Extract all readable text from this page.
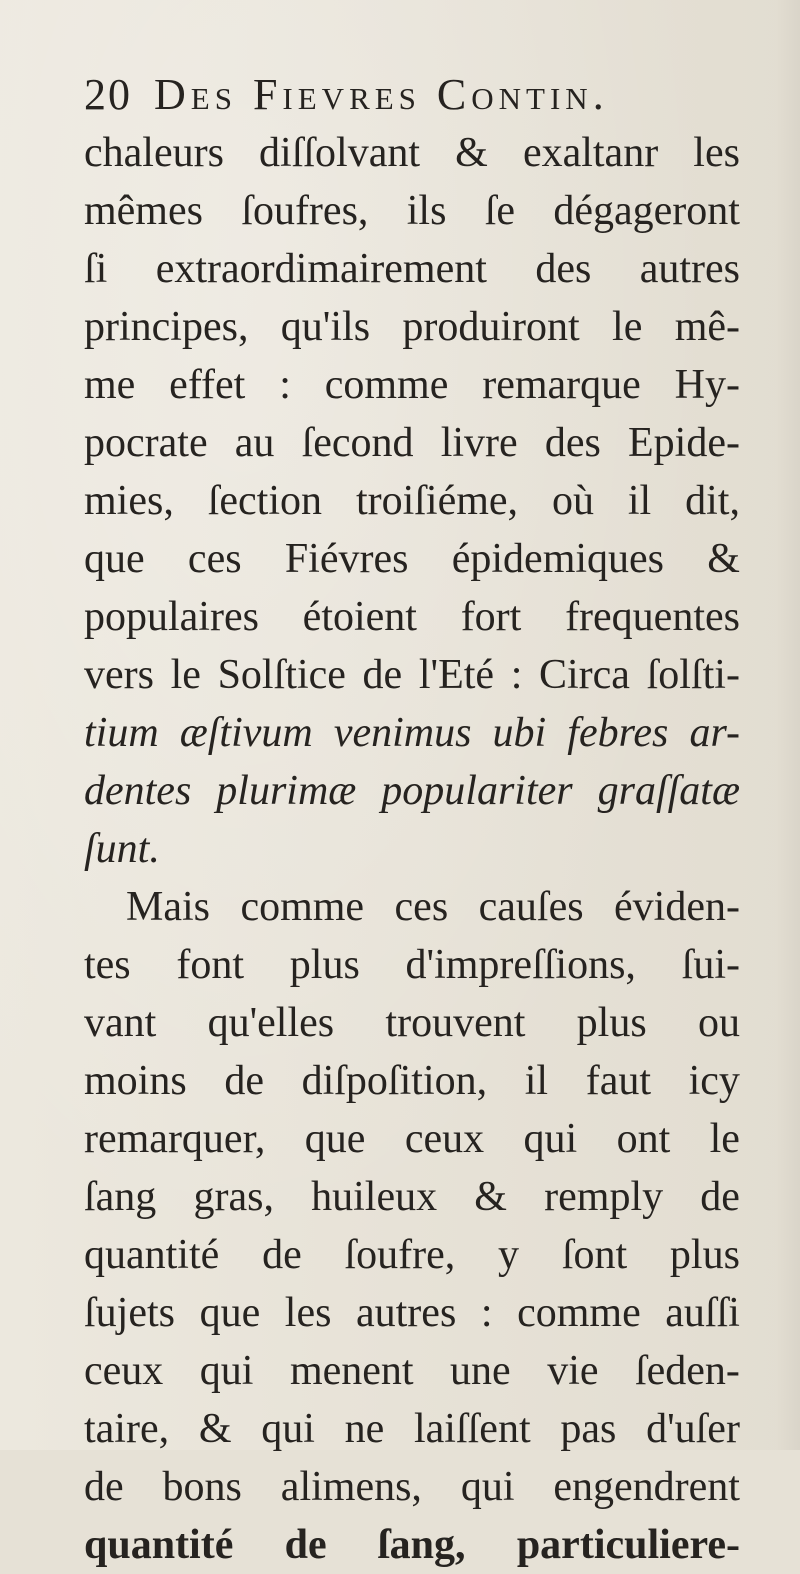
20 Des Fievres Contin.
chaleurs diſſolvant & exaltanr les
mêmes ſoufres, ils ſe dégageront
ſi extraordimairement des autres
principes, qu'ils produiront le mê-
me effet : comme remarque Hy-
pocrate au ſecond livre des Epide-
mies, ſection troiſiéme, où il dit,
que ces Fiévres épidemiques &
populaires étoient fort frequentes
vers le Solſtice de l'Eté : Circa ſolſti-
tium æſtivum venimus ubi febres ar-
dentes plurimæ populariter graſſatæ
ſunt.
Mais comme ces cauſes éviden-
tes font plus d'impreſſions, ſui-
vant qu'elles trouvent plus ou
moins de diſpoſition, il faut icy
remarquer, que ceux qui ont le
ſang gras, huileux & remply de
quantité de ſoufre, y ſont plus
ſujets que les autres : comme auſſi
ceux qui menent une vie ſeden-
taire, & qui ne laiſſent pas d'uſer
de bons alimens, qui engendrent
quantité de ſang, particuliere-
